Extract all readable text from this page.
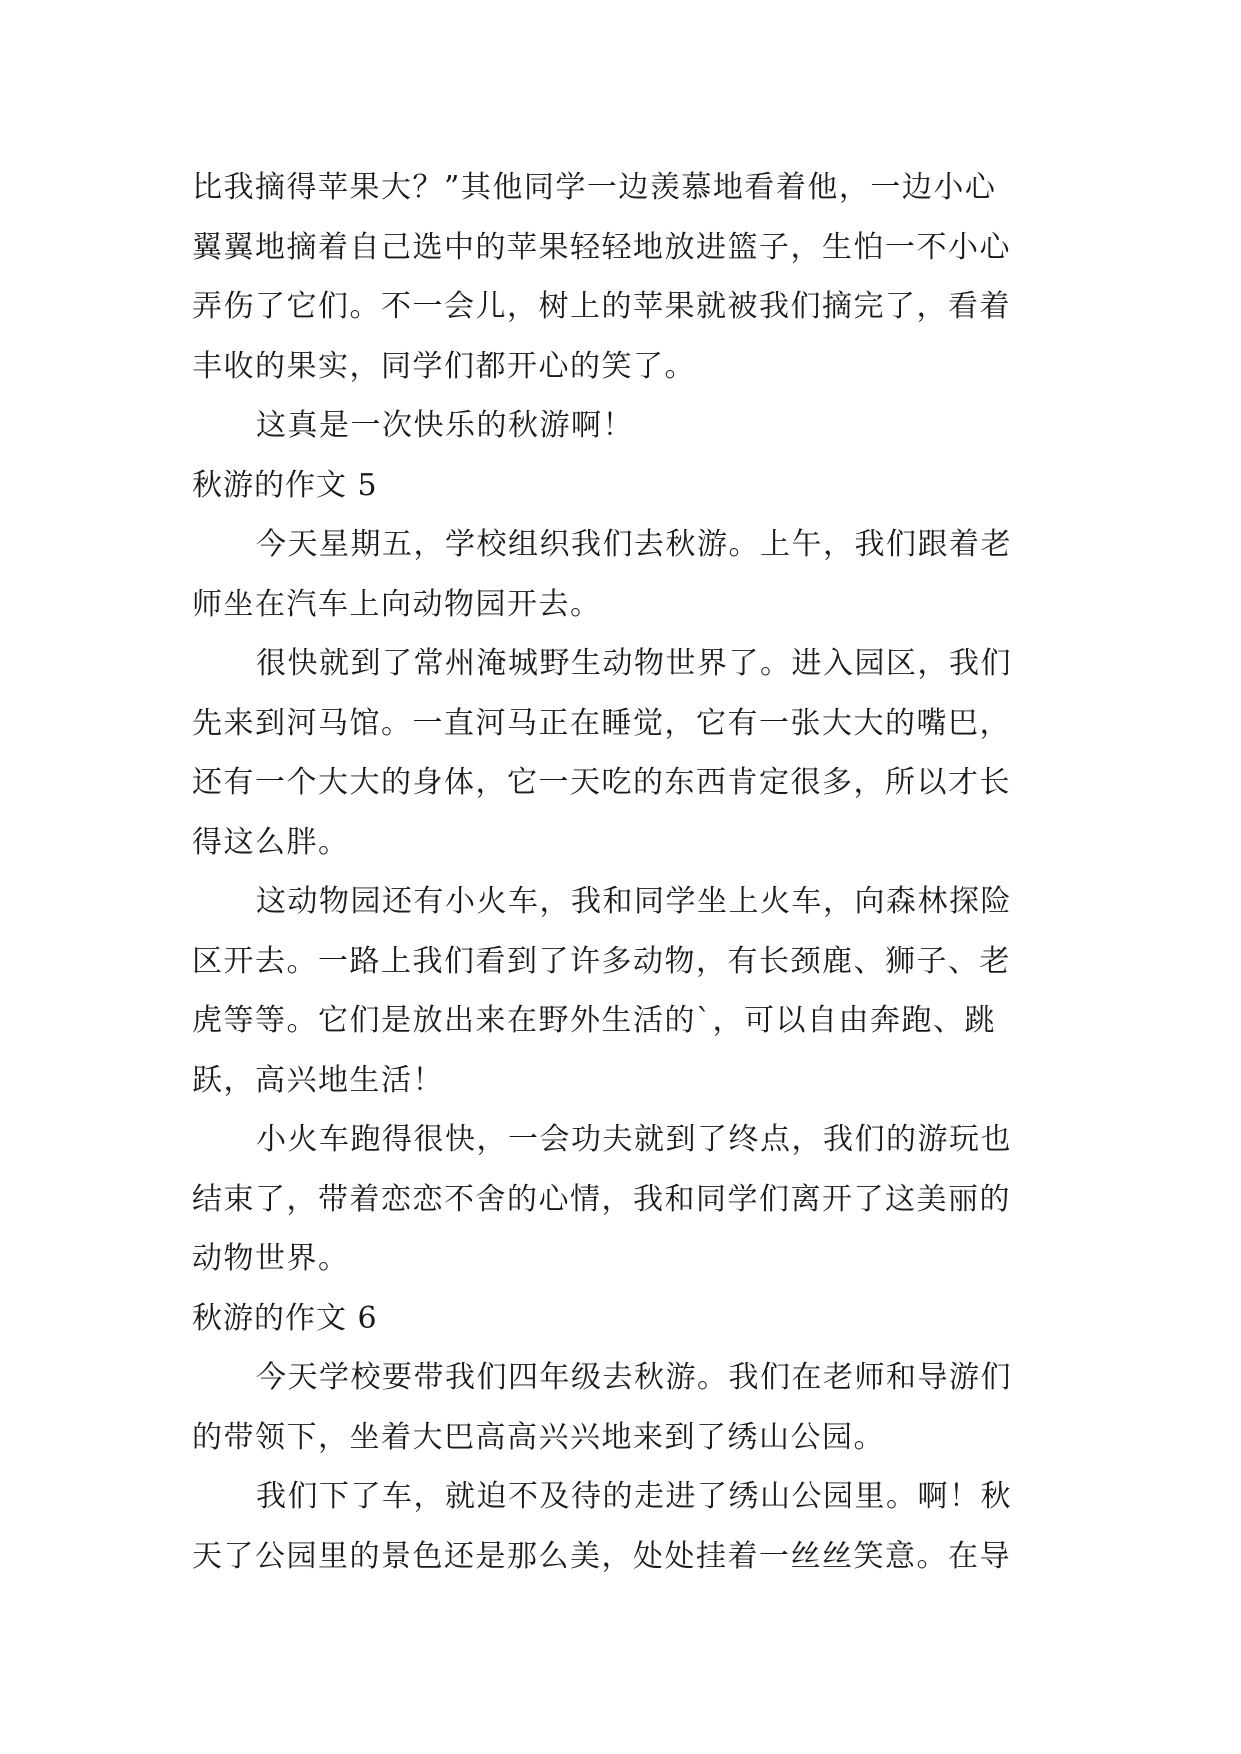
比我摘得苹果大？”其他同学一边羡慕地看着他，一边小心
翼翼地摘着自己选中的苹果轻轻地放进篮子，生怕一不小心
弄伤了它们。不一会儿，树上的苹果就被我们摘完了，看着
丰收的果实，同学们都开心的笑了。
这真是一次快乐的秋游啊！
秋游的作文 5
今天星期五，学校组织我们去秋游。上午，我们跟着老
师坐在汽车上向动物园开去。
很快就到了常州淹城野生动物世界了。进入园区，我们
先来到河马馆。一直河马正在睡觉，它有一张大大的嘴巴，
还有一个大大的身体，它一天吃的东西肯定很多，所以才长
得这么胖。
这动物园还有小火车，我和同学坐上火车，向森林探险
区开去。一路上我们看到了许多动物，有长颈鹿、狮子、老
虎等等。它们是放出来在野外生活的`，可以自由奔跑、跳
跃，高兴地生活！
小火车跑得很快，一会功夫就到了终点，我们的游玩也
结束了，带着恋恋不舍的心情，我和同学们离开了这美丽的
动物世界。
秋游的作文 6
今天学校要带我们四年级去秋游。我们在老师和导游们
的带领下，坐着大巴高高兴兴地来到了绣山公园。
我们下了车，就迫不及待的走进了绣山公园里。啊！秋
天了公园里的景色还是那么美，处处挂着一丝丝笑意。在导
